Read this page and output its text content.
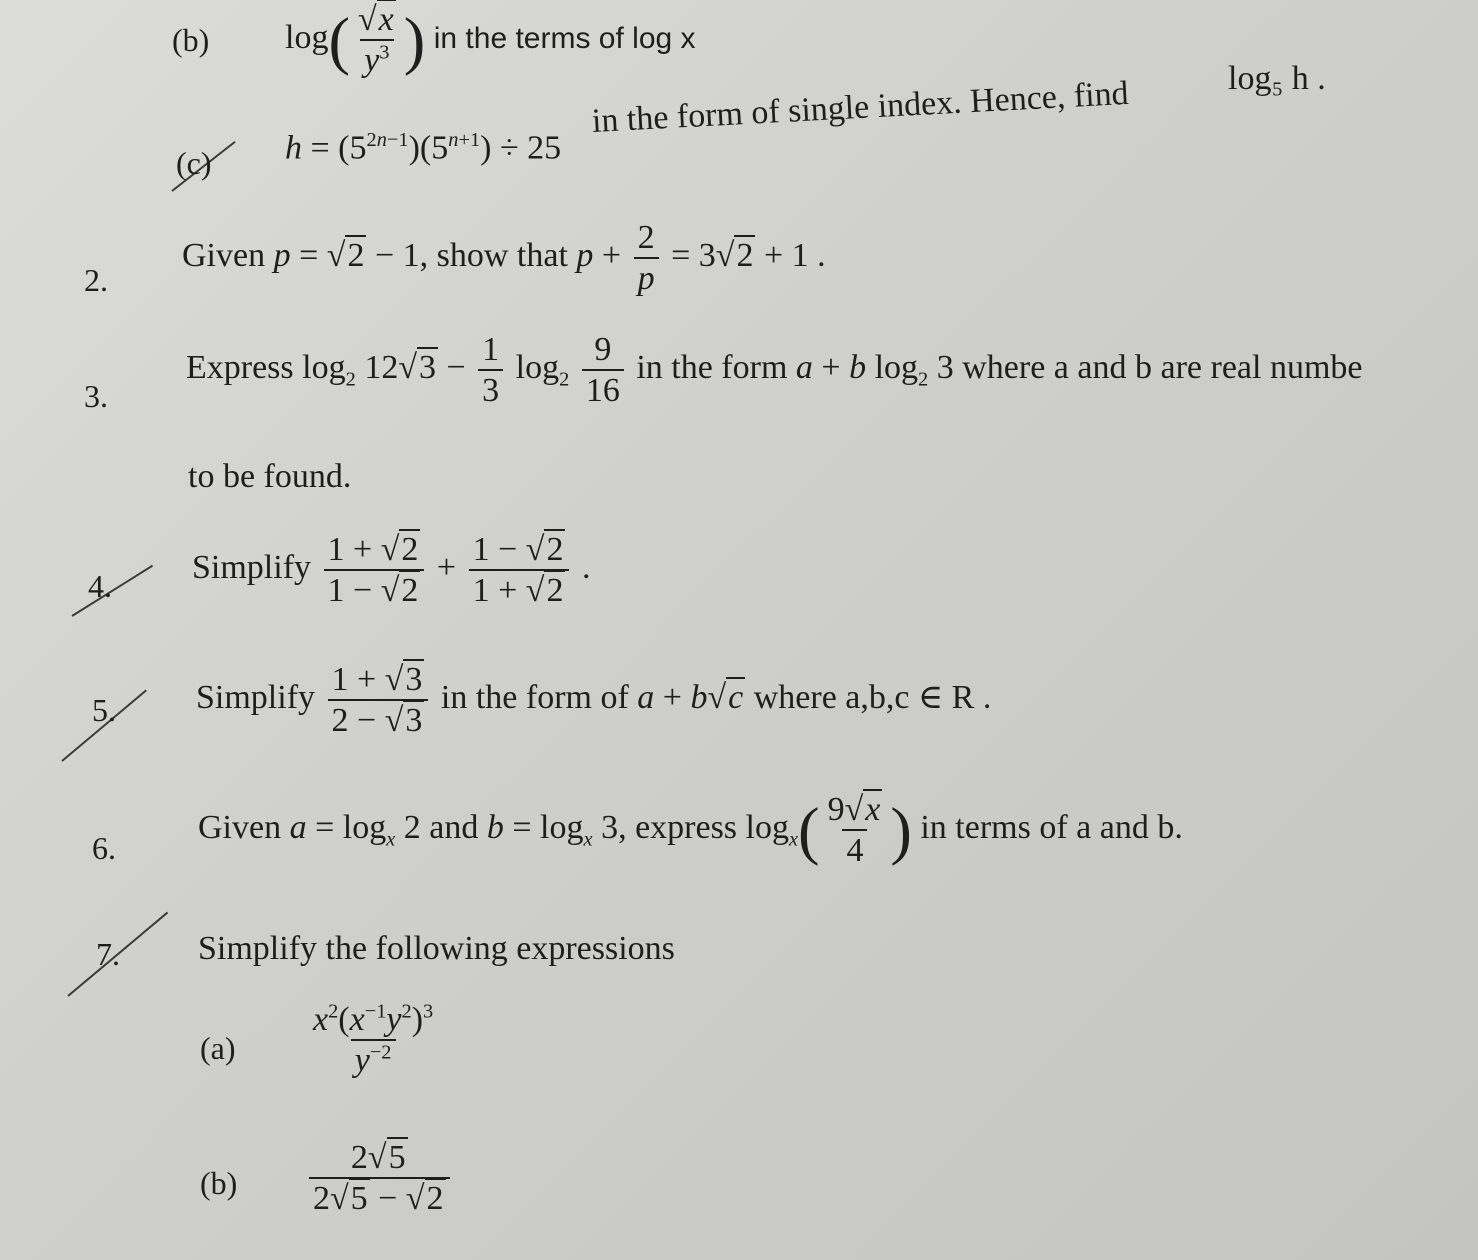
(b) $\log( \frac{√x}{y^3}$ ) in the terms of log x
(c) $h = (5^{2n-1})(5^{n+1}) \div 25$
in the form of single index. Hence, find	log₅ h .
2.
Given p = √2 − 1, show that $p + \frac{2}{p} = 3√2 + 1$ .
3.
Express $\log_2 12√3 - \frac{1}{3} \log_2 \frac{9}{16}$ in the form a + b $\log_2 3$ where a and b are real numbe
to be found.
4.
Simplify $\frac{1 + √2}{1 - √2} + \frac{1 - √2}{1 + √2}$ .
5. Simplify $\frac{1 + √3}{2 - √3}$ in the form of a + b√c where a,b,c ∈ R .
6.
Given $a = \log_x 2$ and $b = \log_x 3$, express $\log_x( \frac{9√x}{4}$ ) in terms of a and b.
7. Simplify the following expressions
$(a) \frac{x^2(x^{-1}y^2)^3}{y^{-2}}$
$(b) \frac{2√5}{2√5 - √2}$
